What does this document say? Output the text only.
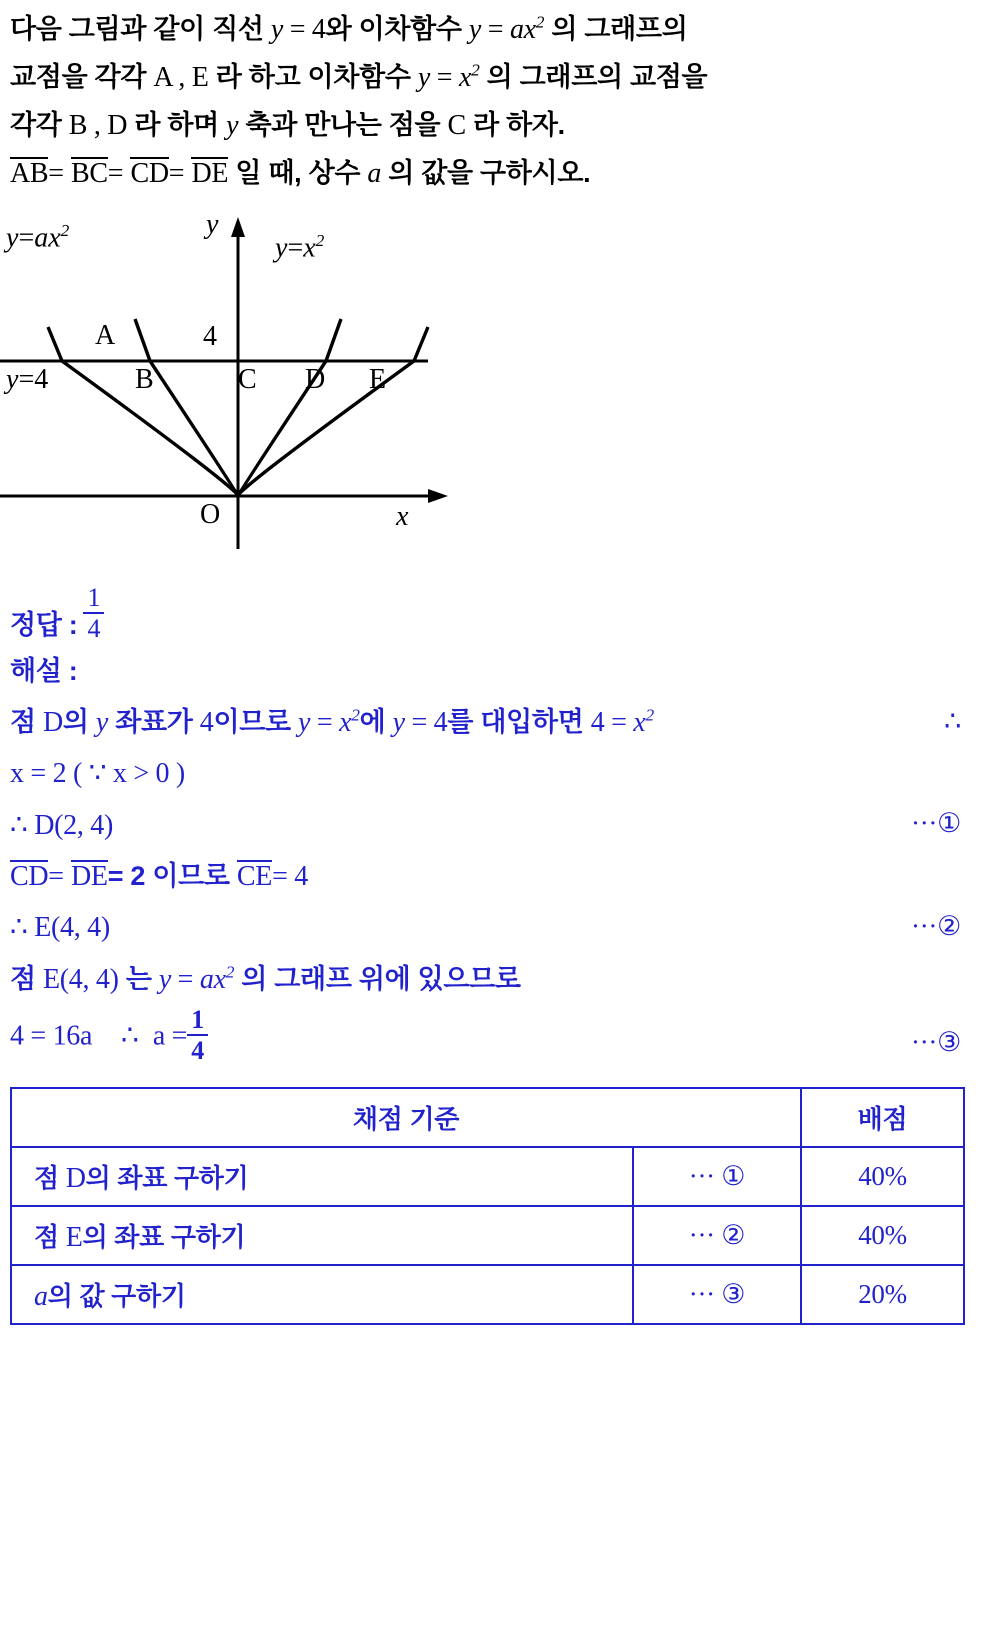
다음 그림과 같이 직선 y = 4와 이차함수 $y = ax^2$ 의 그래프의
교점을 각각 A , E 라 하고 이차함수 $y = x^2$ 의 그래프의 교점을
각각 B , D 라 하며 y 축과 만나는 점을 C 라 하자.
AB= BC= CD= DE 일 때, 상수 a 의 값을 구하시오.
$y=ax^2$
$y=x^2$
y=4
4
A
B	C D E
O	x
y
정답 : $\frac{1}{4}$
해설 :
점 D의 y 좌표가 4이므로 $y = x^2$에 y = 4를 대입하면 $4 = x^2$	∴
x = 2 ( ∵ x > 0 )
∴ D(2, 4)	···①
CD= DE= 2 이므로 CE= 4
∴ E(4, 4)	···②
점 E(4, 4) 는 $y = ax^2$ 의 그래프 위에 있으므로
4 = 16a ∴ $a = \frac{1}{4}$	···③
채점 기준		배점
점 D의 좌표 구하기	··· ①	40%
점 E의 좌표 구하기	··· ②	40%
a의 값 구하기	··· ③	20%
